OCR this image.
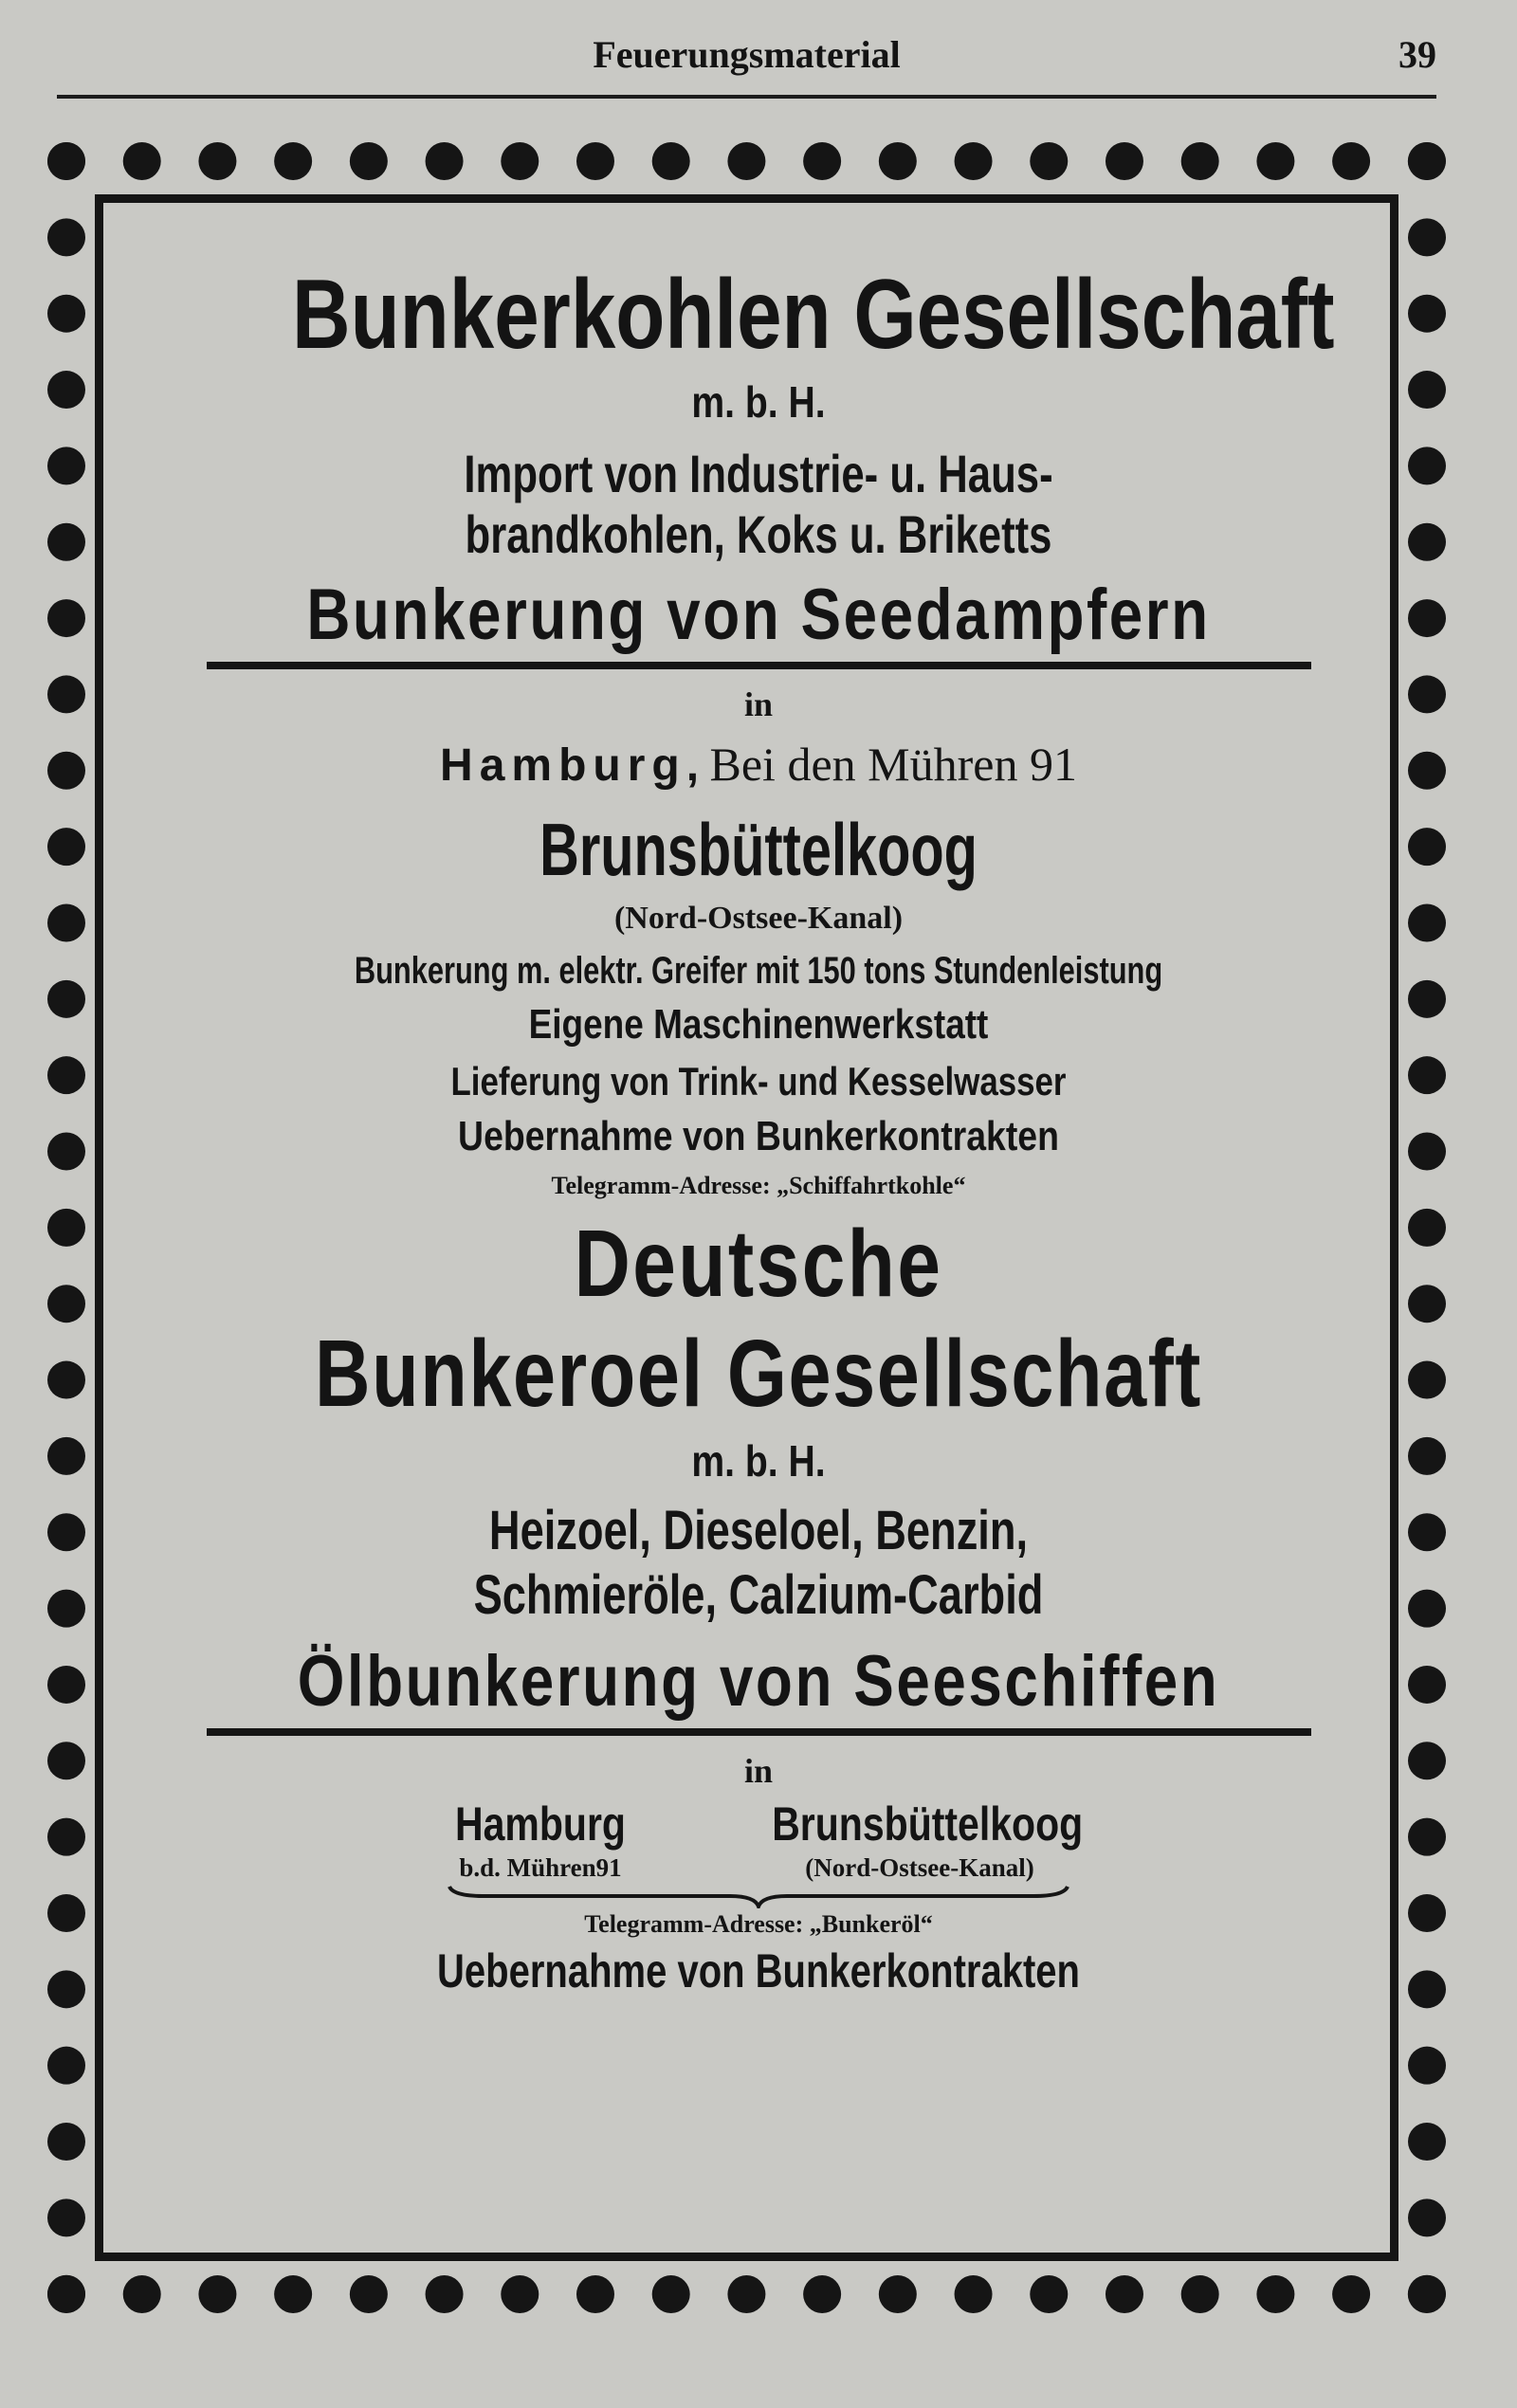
Feuerungsmaterial	39
Bunkerkohlen Gesellschaft
m. b. H.
Import von Industrie- u. Haus-
brandkohlen, Koks u. Briketts
Bunkerung von Seedampfern
in
Hamburg, Bei den Mühren 91
Brunsbüttelkoog
(Nord-Ostsee-Kanal)
Bunkerung m. elektr. Greifer mit 150 tons Stundenleistung
Eigene Maschinenwerkstatt
Lieferung von Trink- und Kesselwasser
Uebernahme von Bunkerkontrakten
Telegramm-Adresse: „Schiffahrtkohle“
Deutsche
Bunkeroel Gesellschaft
m. b. H.
Heizoel, Dieseloel, Benzin,
Schmieröle, Calzium-Carbid
Ölbunkerung von Seeschiffen
in
Hamburg
b.d. Mühren91
Brunsbüttelkoog
(Nord-Ostsee-Kanal)
Telegramm-Adresse: „Bunkeröl“
Uebernahme von Bunkerkontrakten
